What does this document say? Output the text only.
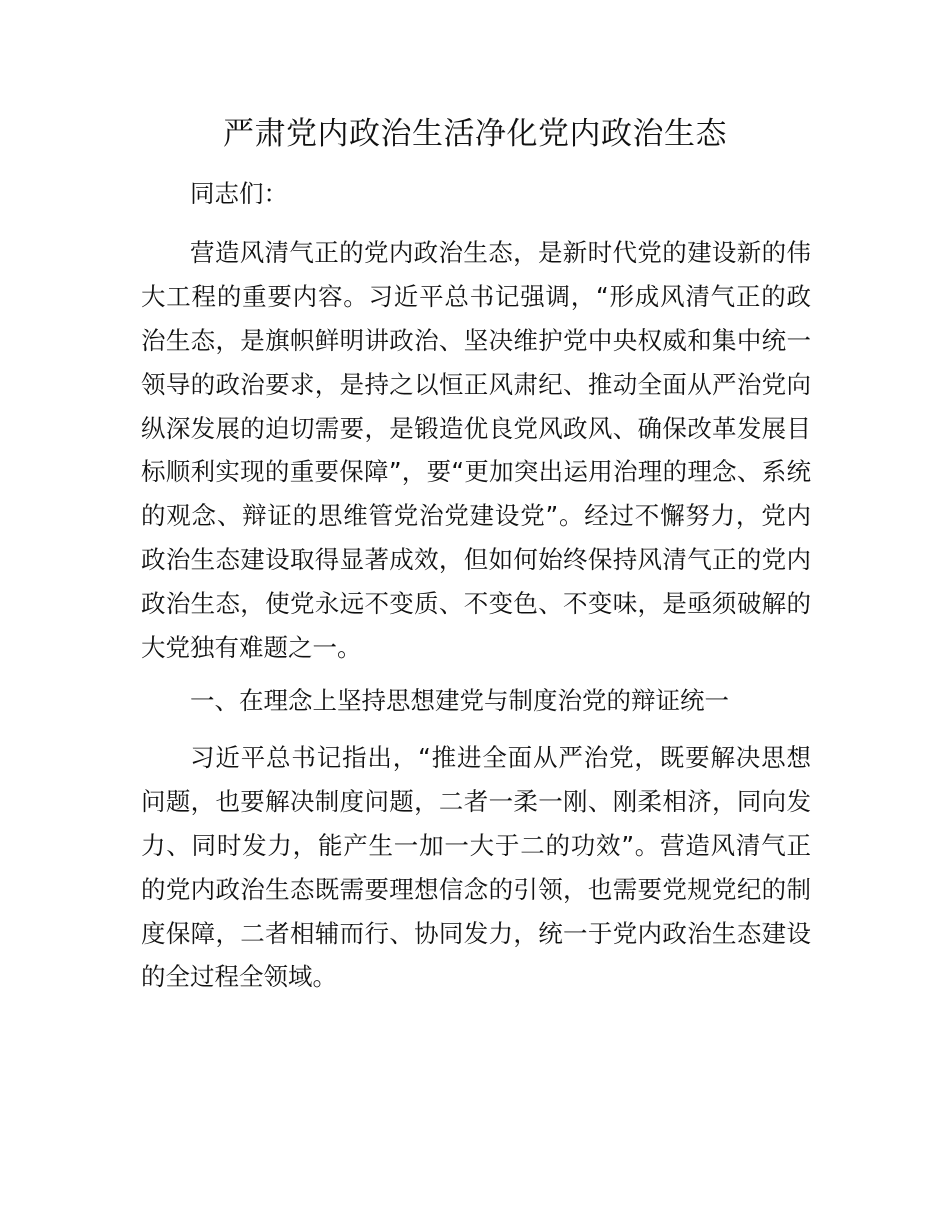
严肃党内政治生活净化党内政治生态

同志们：

营造风清气正的党内政治生态，是新时代党的建设新的伟大工程的重要内容。习近平总书记强调，“形成风清气正的政治生态，是旗帜鲜明讲政治、坚决维护党中央权威和集中统一领导的政治要求，是持之以恒正风肃纪、推动全面从严治党向纵深发展的迫切需要，是锻造优良党风政风、确保改革发展目标顺利实现的重要保障”，要“更加突出运用治理的理念、系统的观念、辩证的思维管党治党建设党”。经过不懈努力，党内政治生态建设取得显著成效，但如何始终保持风清气正的党内政治生态，使党永远不变质、不变色、不变味，是亟须破解的大党独有难题之一。

一、在理念上坚持思想建党与制度治党的辩证统一

习近平总书记指出，“推进全面从严治党，既要解决思想问题，也要解决制度问题，二者一柔一刚、刚柔相济，同向发力、同时发力，能产生一加一大于二的功效”。营造风清气正的党内政治生态既需要理想信念的引领，也需要党规党纪的制度保障，二者相辅而行、协同发力，统一于党内政治生态建设的全过程全领域。
